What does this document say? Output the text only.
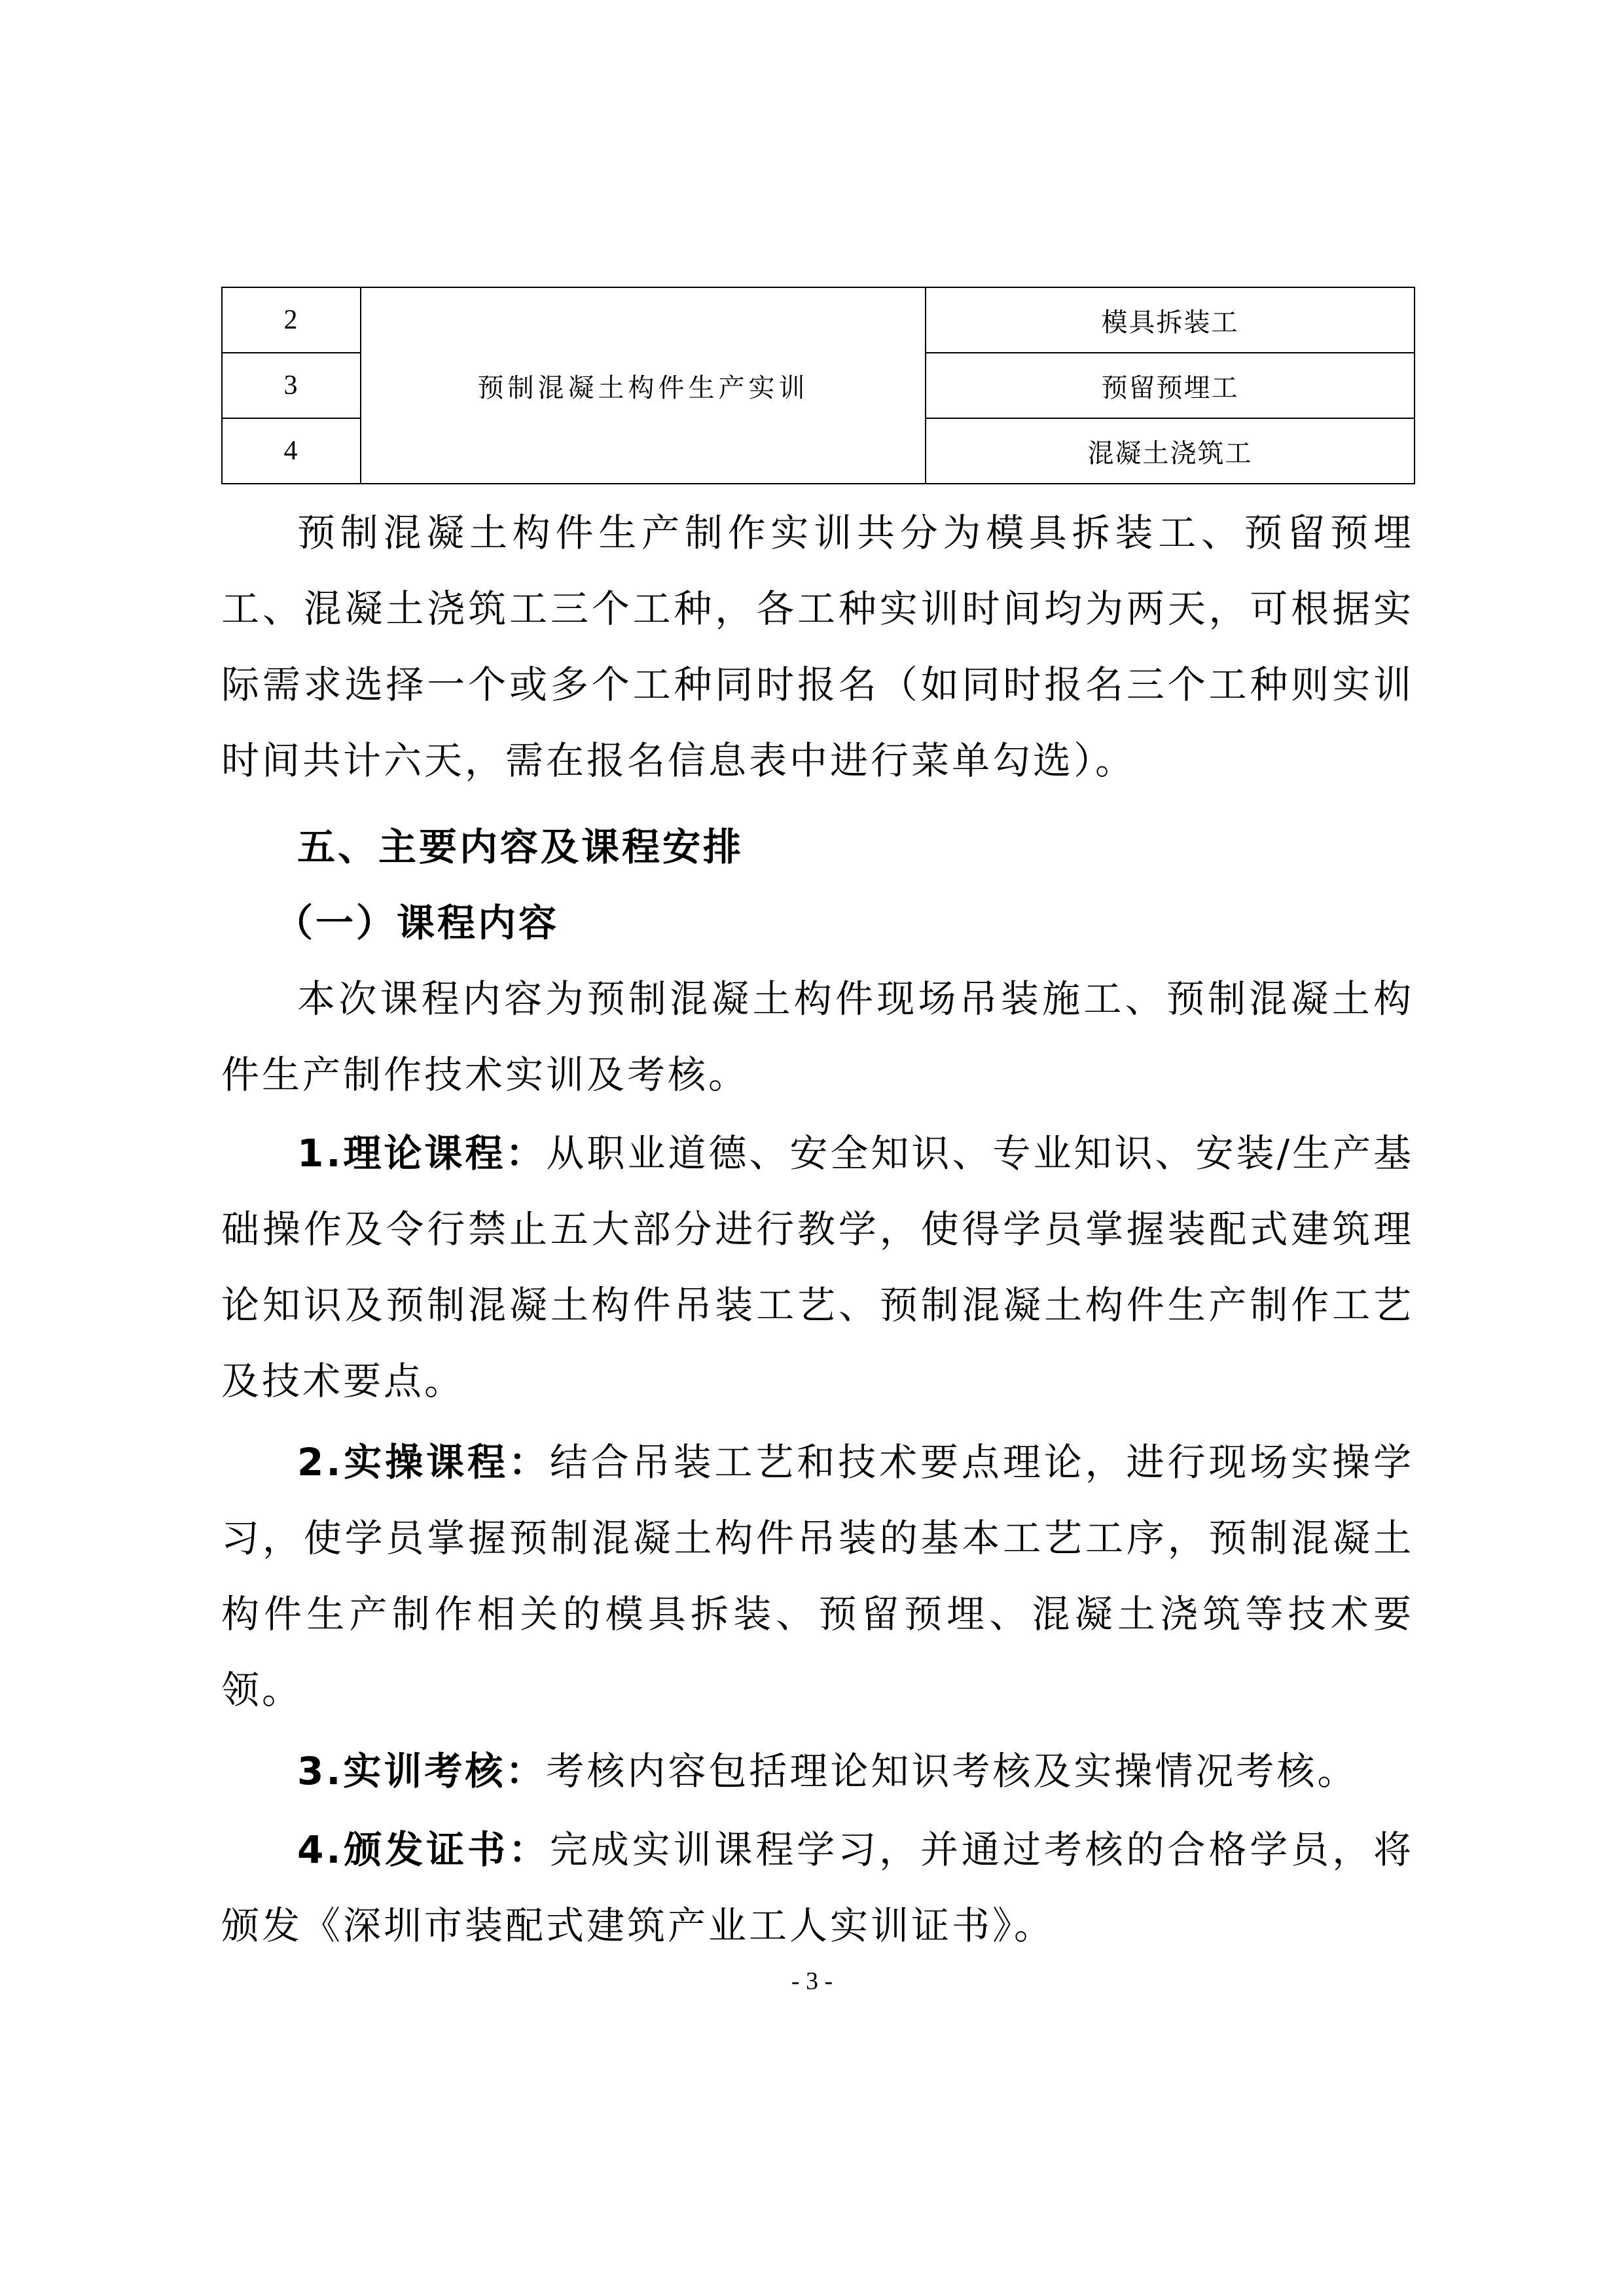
2	预制混凝土构件生产实训	模具拆装工
3		预留预埋工
4		混凝土浇筑工

预制混凝土构件生产制作实训共分为模具拆装工、预留预埋工、混凝土浇筑工三个工种，各工种实训时间均为两天，可根据实际需求选择一个或多个工种同时报名（如同时报名三个工种则实训时间共计六天，需在报名信息表中进行菜单勾选）。

五、主要内容及课程安排
（一）课程内容

本次课程内容为预制混凝土构件现场吊装施工、预制混凝土构件生产制作技术实训及考核。

1.理论课程：从职业道德、安全知识、专业知识、安装/生产基础操作及令行禁止五大部分进行教学，使得学员掌握装配式建筑理论知识及预制混凝土构件吊装工艺、预制混凝土构件生产制作工艺及技术要点。

2.实操课程：结合吊装工艺和技术要点理论，进行现场实操学习，使学员掌握预制混凝土构件吊装的基本工艺工序，预制混凝土构件生产制作相关的模具拆装、预留预埋、混凝土浇筑等技术要领。

3.实训考核：考核内容包括理论知识考核及实操情况考核。

4.颁发证书：完成实训课程学习，并通过考核的合格学员，将颁发《深圳市装配式建筑产业工人实训证书》。

- 3 -
